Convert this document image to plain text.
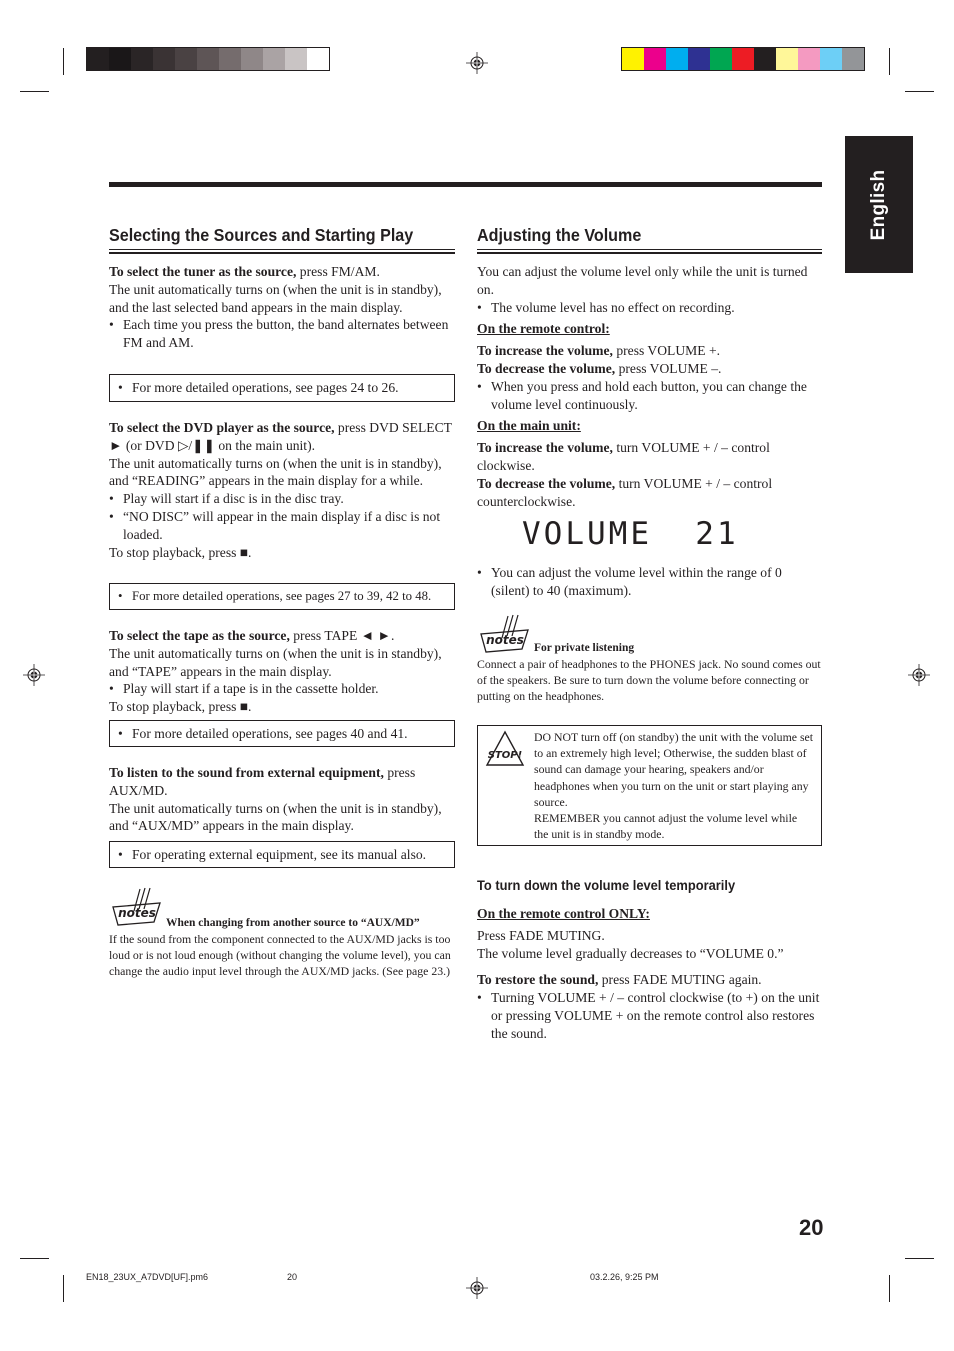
English
Selecting the Sources and Starting Play

To select the tuner as the source, press FM/AM.

The unit automatically turns on (when the unit is in standby), and the last selected band appears in the main display.

• Each time you press the button, the band alternates between FM and AM.

• For more detailed operations, see pages 24 to 26.

To select the DVD player as the source, press DVD SELECT ► (or DVD ▷/❚❚ on the main unit).

The unit automatically turns on (when the unit is in standby), and “READING” appears in the main display for a while.

• Play will start if a disc is in the disc tray.

• “NO DISC” will appear in the main display if a disc is not loaded.

To stop playback, press ■.

• For more detailed operations, see pages 27 to 39, 42 to 48.

To select the tape as the source, press TAPE ◄ ►.

The unit automatically turns on (when the unit is in standby), and “TAPE” appears in the main display.

• Play will start if a tape is in the cassette holder.

To stop playback, press ■.

• For more detailed operations, see pages 40 and 41.

To listen to the sound from external equipment, press AUX/MD.

The unit automatically turns on (when the unit is in standby), and “AUX/MD” appears in the main display.

• For operating external equipment, see its manual also.

notes
When changing from another source to “AUX/MD”
If the sound from the component connected to the AUX/MD jacks is too loud or is not loud enough (without changing the volume level), you can change the audio input level through the AUX/MD jacks. (See page 23.)
Adjusting the Volume

You can adjust the volume level only while the unit is turned on.

• The volume level has no effect on recording.

On the remote control:

To increase the volume, press VOLUME +.

To decrease the volume, press VOLUME –.

• When you press and hold each button, you can change the volume level continuously.

On the main unit:

To increase the volume, turn VOLUME + / – control clockwise.

To decrease the volume, turn VOLUME + / – control counterclockwise.

VOLUME  21

• You can adjust the volume level within the range of 0 (silent) to 40 (maximum).

notes
For private listening
Connect a pair of headphones to the PHONES jack. No sound comes out of the speakers. Be sure to turn down the volume before connecting or putting on the headphones.
STOP!
DO NOT turn off (on standby) the unit with the volume set to an extremely high level; Otherwise, the sudden blast of sound can damage your hearing, speakers and/or headphones when you turn on the unit or start playing any source.
REMEMBER you cannot adjust the volume level while the unit is in standby mode.
To turn down the volume level temporarily

On the remote control ONLY:

Press FADE MUTING.

The volume level gradually decreases to “VOLUME 0.”

To restore the sound, press FADE MUTING again.

• Turning VOLUME + / – control clockwise (to +) on the unit or pressing VOLUME + on the remote control also restores the sound.

20
EN18_23UX_A7DVD[UF].pm6	20	03.2.26, 9:25 PM
